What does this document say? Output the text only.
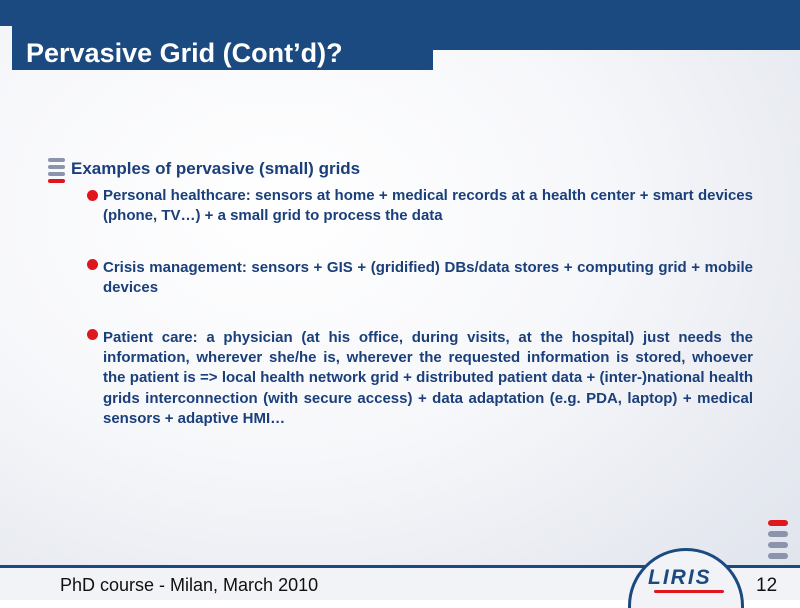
Pervasive Grid (Cont’d)?
Examples of pervasive (small) grids
Personal healthcare: sensors at home + medical records at a health center + smart devices (phone, TV…) + a small grid to process the data
Crisis management: sensors + GIS + (gridified) DBs/data stores + computing grid + mobile devices
Patient care: a physician (at his office, during visits, at the hospital) just needs the information, wherever she/he is, wherever the requested information is stored, whoever the patient is => local health network grid + distributed patient data + (inter-)national health grids interconnection (with secure access) + data adaptation (e.g. PDA, laptop) + medical sensors + adaptive HMI…
PhD course - Milan, March 2010	LIRIS 12
